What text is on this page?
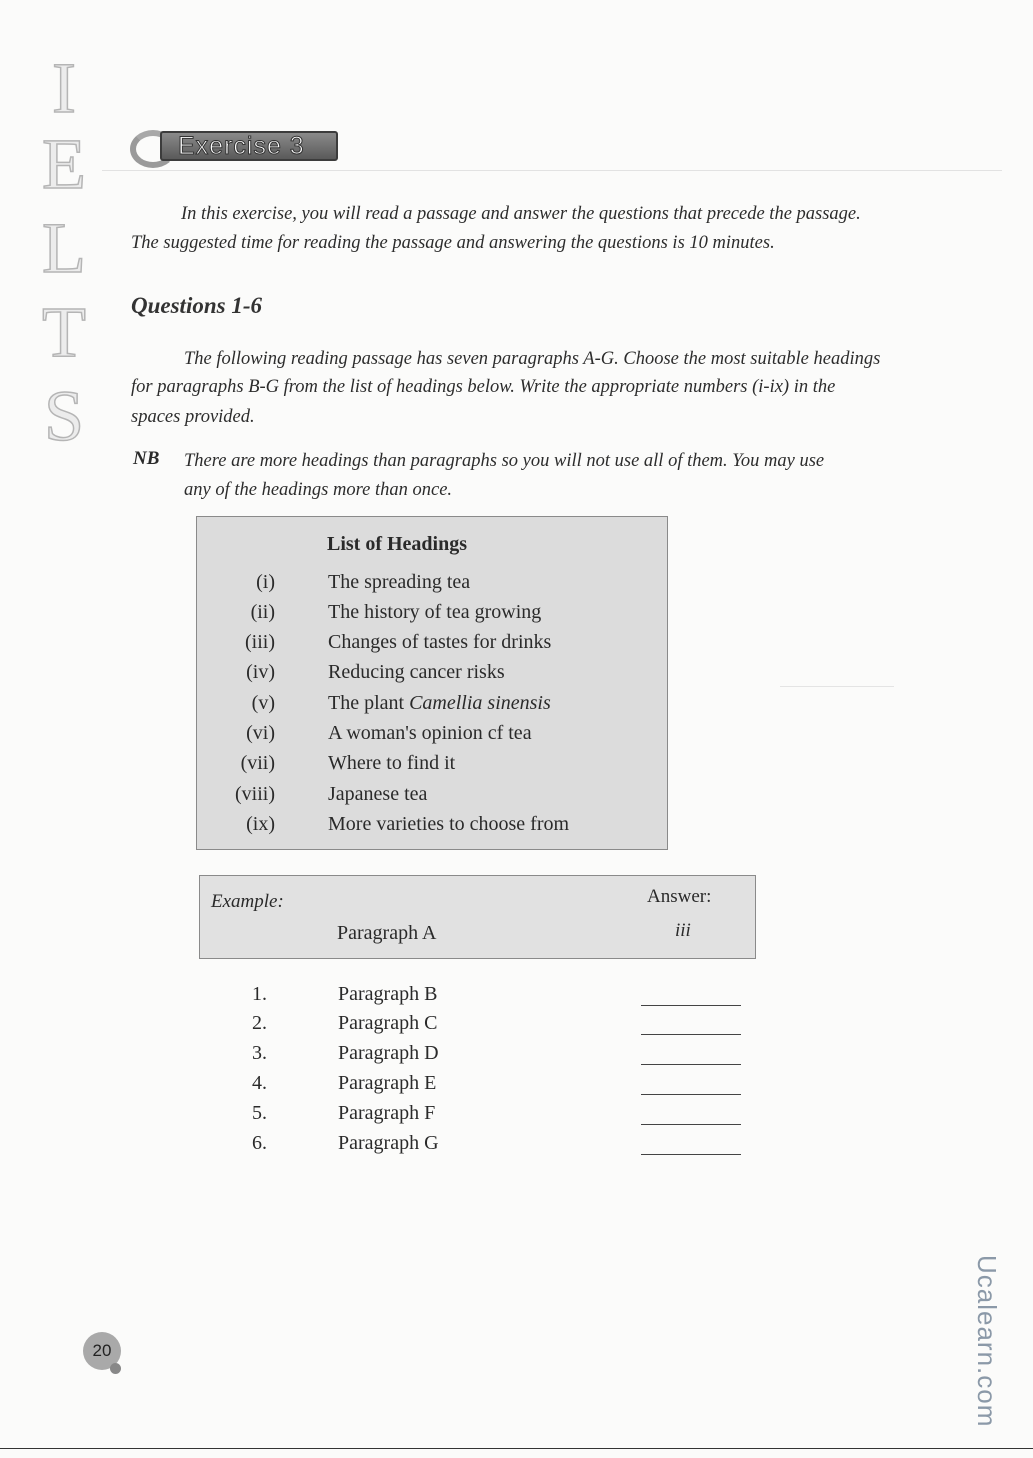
I
E
L
T
S
Exercise 3
In this exercise, you will read a passage and answer the questions that precede the passage.
The suggested time for reading the passage and answering the questions is 10 minutes.
Questions 1-6
The following reading passage has seven paragraphs A-G. Choose the most suitable headings
for paragraphs B-G from the list of headings below. Write the appropriate numbers (i-ix) in the
spaces provided.
NB There are more headings than paragraphs so you will not use all of them. You may use
any of the headings more than once.
List of Headings
(i)	The spreading tea
(ii)	The history of tea growing
(iii)	Changes of tastes for drinks
(iv)	Reducing cancer risks
(v)	The plant Camellia sinensis
(vi)	A woman's opinion cf tea
(vii)	Where to find it
(viii)	Japanese tea
(ix)	More varieties to choose from
Example:	Answer:
Paragraph A	iii
1.	Paragraph B
2.	Paragraph C
3.	Paragraph D
4.	Paragraph E
5.	Paragraph F
6.	Paragraph G
20	Ucalearn.com
